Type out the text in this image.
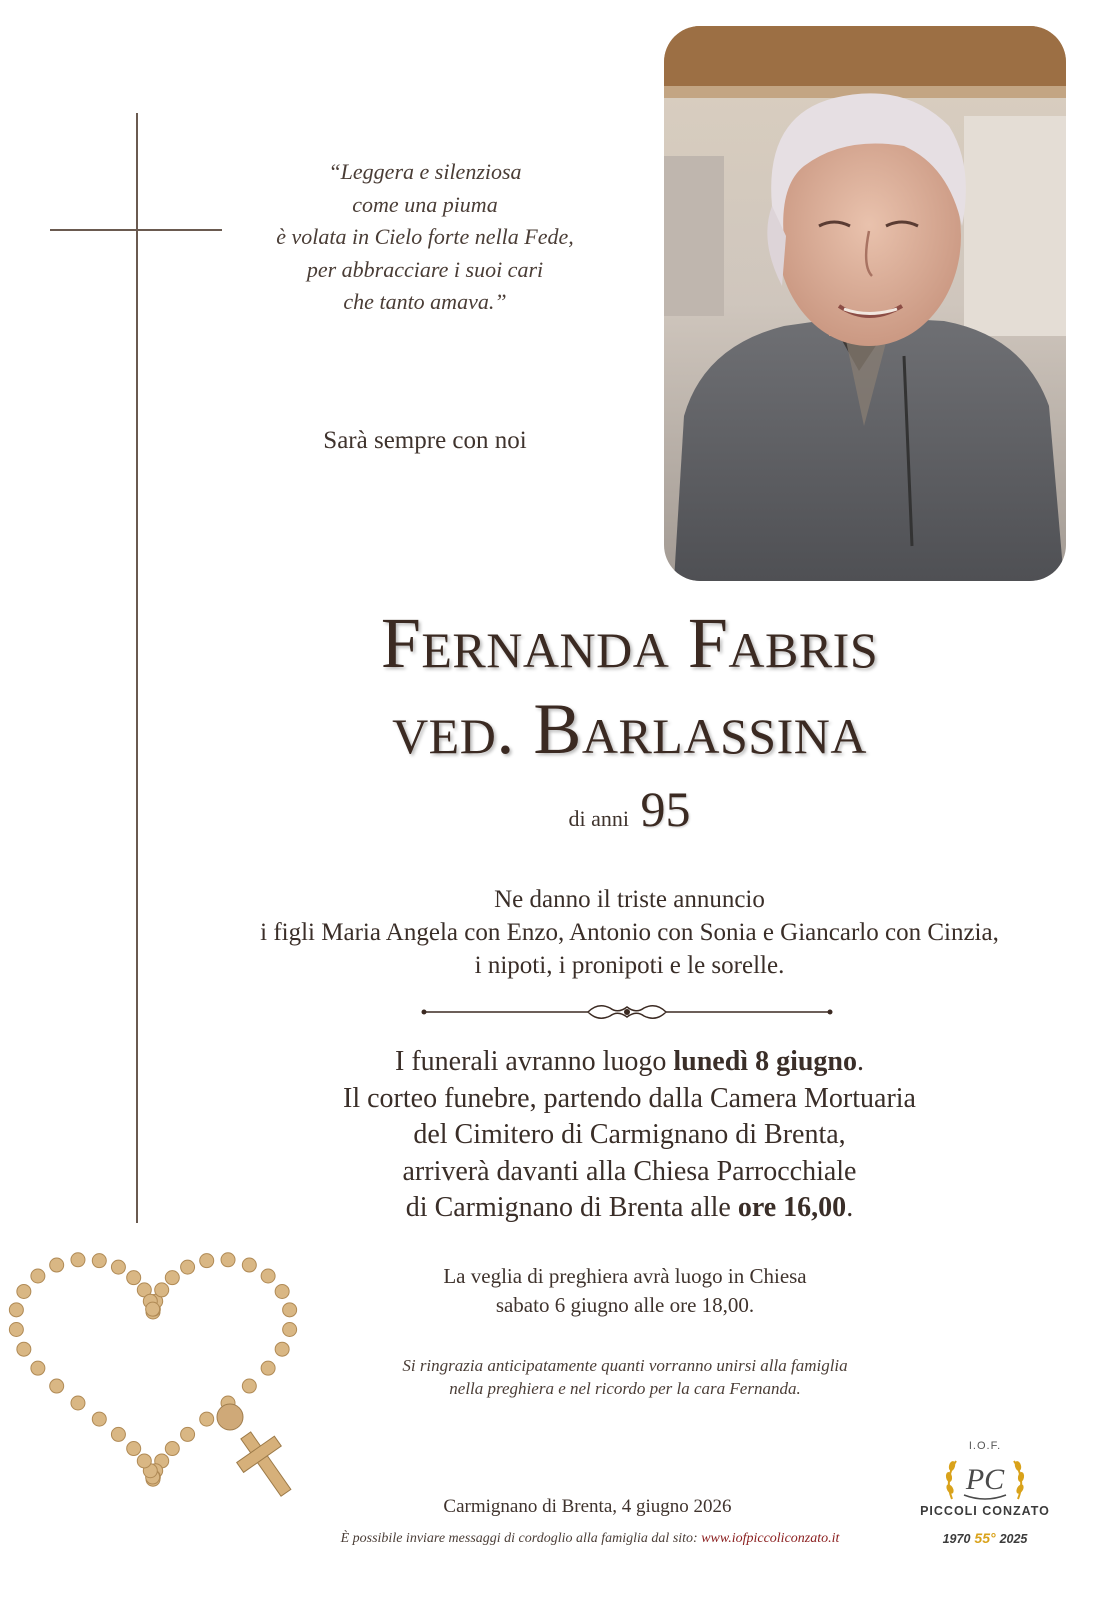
“Leggera e silenziosa
come una piuma
è volata in Cielo forte nella Fede,
per abbracciare i suoi cari
che tanto amava.”
Sarà sempre con noi
Fernanda Fabris
ved. Barlassina
di anni 95
Ne danno il triste annuncio
i figli Maria Angela con Enzo, Antonio con Sonia e Giancarlo con Cinzia,
i nipoti, i pronipoti e le sorelle.
I funerali avranno luogo lunedì 8 giugno.
Il corteo funebre, partendo dalla Camera Mortuaria
del Cimitero di Carmignano di Brenta,
arriverà davanti alla Chiesa Parrocchiale
di Carmignano di Brenta alle ore 16,00.
La veglia di preghiera avrà luogo in Chiesa
sabato 6 giugno alle ore 18,00.
Si ringrazia anticipatamente quanti vorranno unirsi alla famiglia
nella preghiera e nel ricordo per la cara Fernanda.
Carmignano di Brenta, 4 giugno 2026
È possibile inviare messaggi di cordoglio alla famiglia dal sito: www.iofpiccoliconzato.it
I.O.F.
PC
PICCOLI CONZATO
1970 55° 2025
